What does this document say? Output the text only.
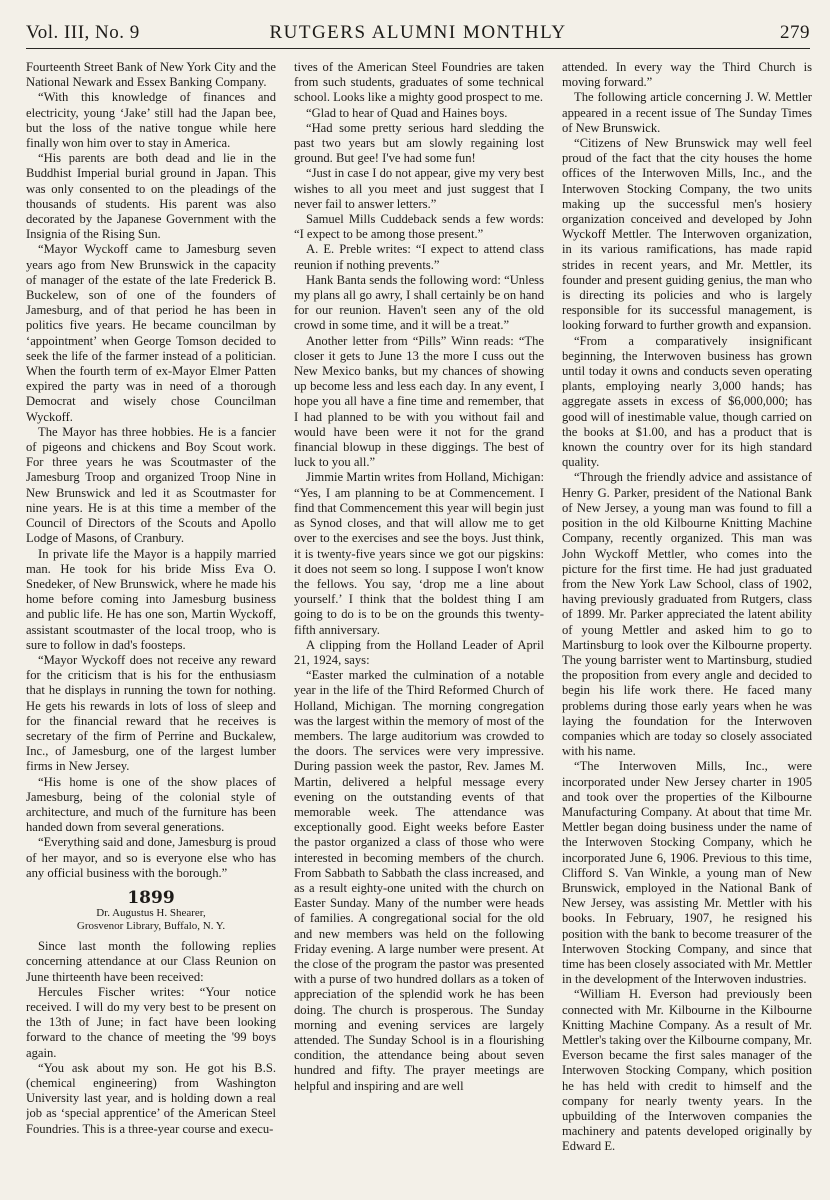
Vol. III, No. 9	RUTGERS ALUMNI MONTHLY	279

Fourteenth Street Bank of New York City and the National Newark and Essex Banking Company.

“With this knowledge of finances and electricity, young ‘Jake’ still had the Japan bee, but the loss of the native tongue while here finally won him over to stay in America.

“His parents are both dead and lie in the Buddhist Imperial burial ground in Japan. This was only consented to on the pleadings of the thousands of students. His parent was also decorated by the Japanese Government with the Insignia of the Rising Sun.

“Mayor Wyckoff came to Jamesburg seven years ago from New Brunswick in the capacity of manager of the estate of the late Frederick B. Buckelew, son of one of the founders of Jamesburg, and of that period he has been in politics five years. He became councilman by ‘appointment’ when George Tomson decided to seek the life of the farmer instead of a politician. When the fourth term of ex-Mayor Elmer Patten expired the party was in need of a thorough Democrat and wisely chose Councilman Wyckoff.

The Mayor has three hobbies. He is a fancier of pigeons and chickens and Boy Scout work. For three years he was Scoutmaster of the Jamesburg Troop and organized Troop Nine in New Brunswick and led it as Scoutmaster for nine years. He is at this time a member of the Council of Directors of the Scouts and Apollo Lodge of Masons, of Cranbury.

In private life the Mayor is a happily married man. He took for his bride Miss Eva O. Snedeker, of New Brunswick, where he made his home before coming into Jamesburg business and public life. He has one son, Martin Wyckoff, assistant scoutmaster of the local troop, who is sure to follow in dad's foosteps.

“Mayor Wyckoff does not receive any reward for the criticism that is his for the enthusiasm that he displays in running the town for nothing. He gets his rewards in lots of loss of sleep and for the financial reward that he receives is secretary of the firm of Perrine and Buckalew, Inc., of Jamesburg, one of the largest lumber firms in New Jersey.

“His home is one of the show places of Jamesburg, being of the colonial style of architecture, and much of the furniture has been handed down from several generations.

“Everything said and done, Jamesburg is proud of her mayor, and so is everyone else who has any official business with the borough.”

1899
Dr. Augustus H. Shearer,
Grosvenor Library, Buffalo, N. Y.

Since last month the following replies concerning attendance at our Class Reunion on June thirteenth have been received:

Hercules Fischer writes: “Your notice received. I will do my very best to be present on the 13th of June; in fact have been looking forward to the chance of meeting the '99 boys again.

“You ask about my son. He got his B.S. (chemical engineering) from Washington University last year, and is holding down a real job as ‘special apprentice’ of the American Steel Foundries. This is a three-year course and execu-

tives of the American Steel Foundries are taken from such students, graduates of some technical school. Looks like a mighty good prospect to me.

“Glad to hear of Quad and Haines boys.

“Had some pretty serious hard sledding the past two years but am slowly regaining lost ground. But gee! I've had some fun!

“Just in case I do not appear, give my very best wishes to all you meet and just suggest that I never fail to answer letters.”

Samuel Mills Cuddeback sends a few words: “I expect to be among those present.”

A. E. Preble writes: “I expect to attend class reunion if nothing prevents.”

Hank Banta sends the following word: “Unless my plans all go awry, I shall certainly be on hand for our reunion. Haven't seen any of the old crowd in some time, and it will be a treat.”

Another letter from “Pills” Winn reads: “The closer it gets to June 13 the more I cuss out the New Mexico banks, but my chances of showing up become less and less each day. In any event, I hope you all have a fine time and remember, that I had planned to be with you without fail and would have been were it not for the grand financial blowup in these diggings. The best of luck to you all.”

Jimmie Martin writes from Holland, Michigan: “Yes, I am planning to be at Commencement. I find that Commencement this year will begin just as Synod closes, and that will allow me to get over to the exercises and see the boys. Just think, it is twenty-five years since we got our pigskins: it does not seem so long. I suppose I won't know the fellows. You say, ‘drop me a line about yourself.’ I think that the boldest thing I am going to do is to be on the grounds this twenty-fifth anniversary.

A clipping from the Holland Leader of April 21, 1924, says:

“Easter marked the culmination of a notable year in the life of the Third Reformed Church of Holland, Michigan. The morning congregation was the largest within the memory of most of the members. The large auditorium was crowded to the doors. The services were very impressive. During passion week the pastor, Rev. James M. Martin, delivered a helpful message every evening on the outstanding events of that memorable week. The attendance was exceptionally good. Eight weeks before Easter the pastor organized a class of those who were interested in becoming members of the church. From Sabbath to Sabbath the class increased, and as a result eighty-one united with the church on Easter Sunday. Many of the number were heads of families. A congregational social for the old and new members was held on the following Friday evening. A large number were present. At the close of the program the pastor was presented with a purse of two hundred dollars as a token of appreciation of the splendid work he has been doing. The church is prosperous. The Sunday morning and evening services are largely attended. The Sunday School is in a flourishing condition, the attendance being about seven hundred and fifty. The prayer meetings are helpful and inspiring and are well

attended. In every way the Third Church is moving forward.”

The following article concerning J. W. Mettler appeared in a recent issue of The Sunday Times of New Brunswick.

“Citizens of New Brunswick may well feel proud of the fact that the city houses the home offices of the Interwoven Mills, Inc., and the Interwoven Stocking Company, the two units making up the successful men's hosiery organization conceived and developed by John Wyckoff Mettler. The Interwoven organization, in its various ramifications, has made rapid strides in recent years, and Mr. Mettler, its founder and present guiding genius, the man who is directing its policies and who is largely responsible for its successful management, is looking forward to further growth and expansion.

“From a comparatively insignificant beginning, the Interwoven business has grown until today it owns and conducts seven operating plants, employing nearly 3,000 hands; has aggregate assets in excess of $6,000,000; has good will of inestimable value, though carried on the books at $1.00, and has a product that is known the country over for its high standard quality.

“Through the friendly advice and assistance of Henry G. Parker, president of the National Bank of New Jersey, a young man was found to fill a position in the old Kilbourne Knitting Machine Company, recently organized. This man was John Wyckoff Mettler, who comes into the picture for the first time. He had just graduated from the New York Law School, class of 1902, having previously graduated from Rutgers, class of 1899. Mr. Parker appreciated the latent ability of young Mettler and asked him to go to Martinsburg to look over the Kilbourne property. The young barrister went to Martinsburg, studied the proposition from every angle and decided to begin his life work there. He faced many problems during those early years when he was laying the foundation for the Interwoven companies which are today so closely associated with his name.

“The Interwoven Mills, Inc., were incorporated under New Jersey charter in 1905 and took over the properties of the Kilbourne Manufacturing Company. At about that time Mr. Mettler began doing business under the name of the Interwoven Stocking Company, which he incorporated June 6, 1906. Previous to this time, Clifford S. Van Winkle, a young man of New Brunswick, employed in the National Bank of New Jersey, was assisting Mr. Mettler with his books. In February, 1907, he resigned his position with the bank to become treasurer of the Interwoven Stocking Company, and since that time has been closely associated with Mr. Mettler in the development of the Interwoven industries.

“William H. Everson had previously been connected with Mr. Kilbourne in the Kilbourne Knitting Machine Company. As a result of Mr. Mettler's taking over the Kilbourne company, Mr. Everson became the first sales manager of the Interwoven Stocking Company, which position he has held with credit to himself and the company for nearly twenty years. In the upbuilding of the Interwoven companies the machinery and patents developed originally by Edward E.
